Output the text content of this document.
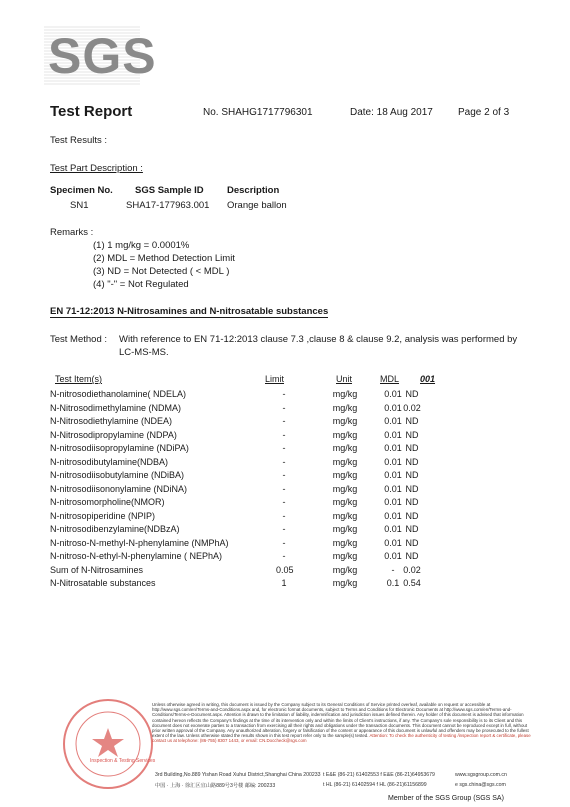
SGS
Test Report	No. SHAHG1717796301	Date: 18 Aug 2017	Page 2 of 3
Test Results :
Test Part Description :
Specimen No. SGS Sample ID Description
SN1	SHA17-177963.001 Orange ballon
Remarks :
(1) 1 mg/kg = 0.0001%
(2) MDL = Method Detection Limit
(3) ND = Not Detected ( < MDL )
(4) "-" = Not Regulated
EN 71-12:2013 N-Nitrosamines and N-nitrosatable substances
Test Method : With reference to EN 71-12:2013 clause 7.3 ,clause 8 & clause 9.2, analysis was performed by
LC-MS-MS.
Test Item(s)	Limit	Unit	MDL 001
N-nitrosodiethanolamine( NDELA)	-	mg/kg	0.01 ND
N-Nitrosodimethylamine (NDMA)	-	mg/kg	0.01 0.02
N-Nitrosodiethylamine (NDEA)	-	mg/kg	0.01 ND
N-Nitrosodipropylamine (NDPA)	-	mg/kg	0.01 ND
N-nitrosodiisopropylamine (NDiPA)	-	mg/kg	0.01 ND
N-nitrosodibutylamine(NDBA)	-	mg/kg	0.01 ND
N-nitrosodiisobutylamine (NDiBA)	-	mg/kg	0.01 ND
N-nitrosodiisononylamine (NDiNA)	-	mg/kg	0.01 ND
N-nitrosomorpholine(NMOR)	-	mg/kg	0.01 ND
N-nitrosopiperidine (NPIP)	-	mg/kg	0.01 ND
N-nitrosodibenzylamine(NDBzA)	-	mg/kg	0.01 ND
N-nitroso-N-methyl-N-phenylamine (NMPhA)	-	mg/kg	0.01 ND
N-nitroso-N-ethyl-N-phenylamine ( NEPhA)	-	mg/kg	0.01 ND
Sum of N-Nitrosamines	0.05	mg/kg	- 0.02
N-Nitrosatable substances	1	mg/kg	0.1 0.54
Inspection & Testing Services
Unless otherwise agreed in writing, this document is issued by the Company subject to its General Conditions of Service printed overleaf, available on request or accessible at http://www.sgs.com/en/Terms-and-Conditions.aspx and, for electronic format documents, subject to Terms and Conditions for Electronic Documents at http://www.sgs.com/en/Terms-and-Conditions/Terms-e-Document.aspx. Attention is drawn to the limitation of liability, indemnification and jurisdiction issues defined therein. Any holder of this document is advised that information contained hereon reflects the Company's findings at the time of its intervention only and within the limits of Client's instructions, if any. The Company's sole responsibility is to its Client and this document does not exonerate parties to a transaction from exercising all their rights and obligations under the transaction documents. This document cannot be reproduced except in full, without prior written approval of the Company. Any unauthorized alteration, forgery or falsification of the content or appearance of this document is unlawful and offenders may be prosecuted to the fullest extent of the law. Unless otherwise stated the results shown in this test report refer only to the sample(s) tested. Attention: To check the authenticity of testing /inspection report & certificate, please contact us at telephone: (86-755) 8307 1443, or email: CN.Doccheck@sgs.com
3rd Building,No.889 Yishan Road Xuhui District,Shanghai China 200233
中国 · 上海 · 徐汇区宜山路889号3号楼 邮编: 200233
t E&E (86-21) 61402553 f E&E (86-21)64953679
t HL (86-21) 61402594 f HL (86-21)61156899
www.sgsgroup.com.cn
e sgs.china@sgs.com
Member of the SGS Group (SGS SA)
